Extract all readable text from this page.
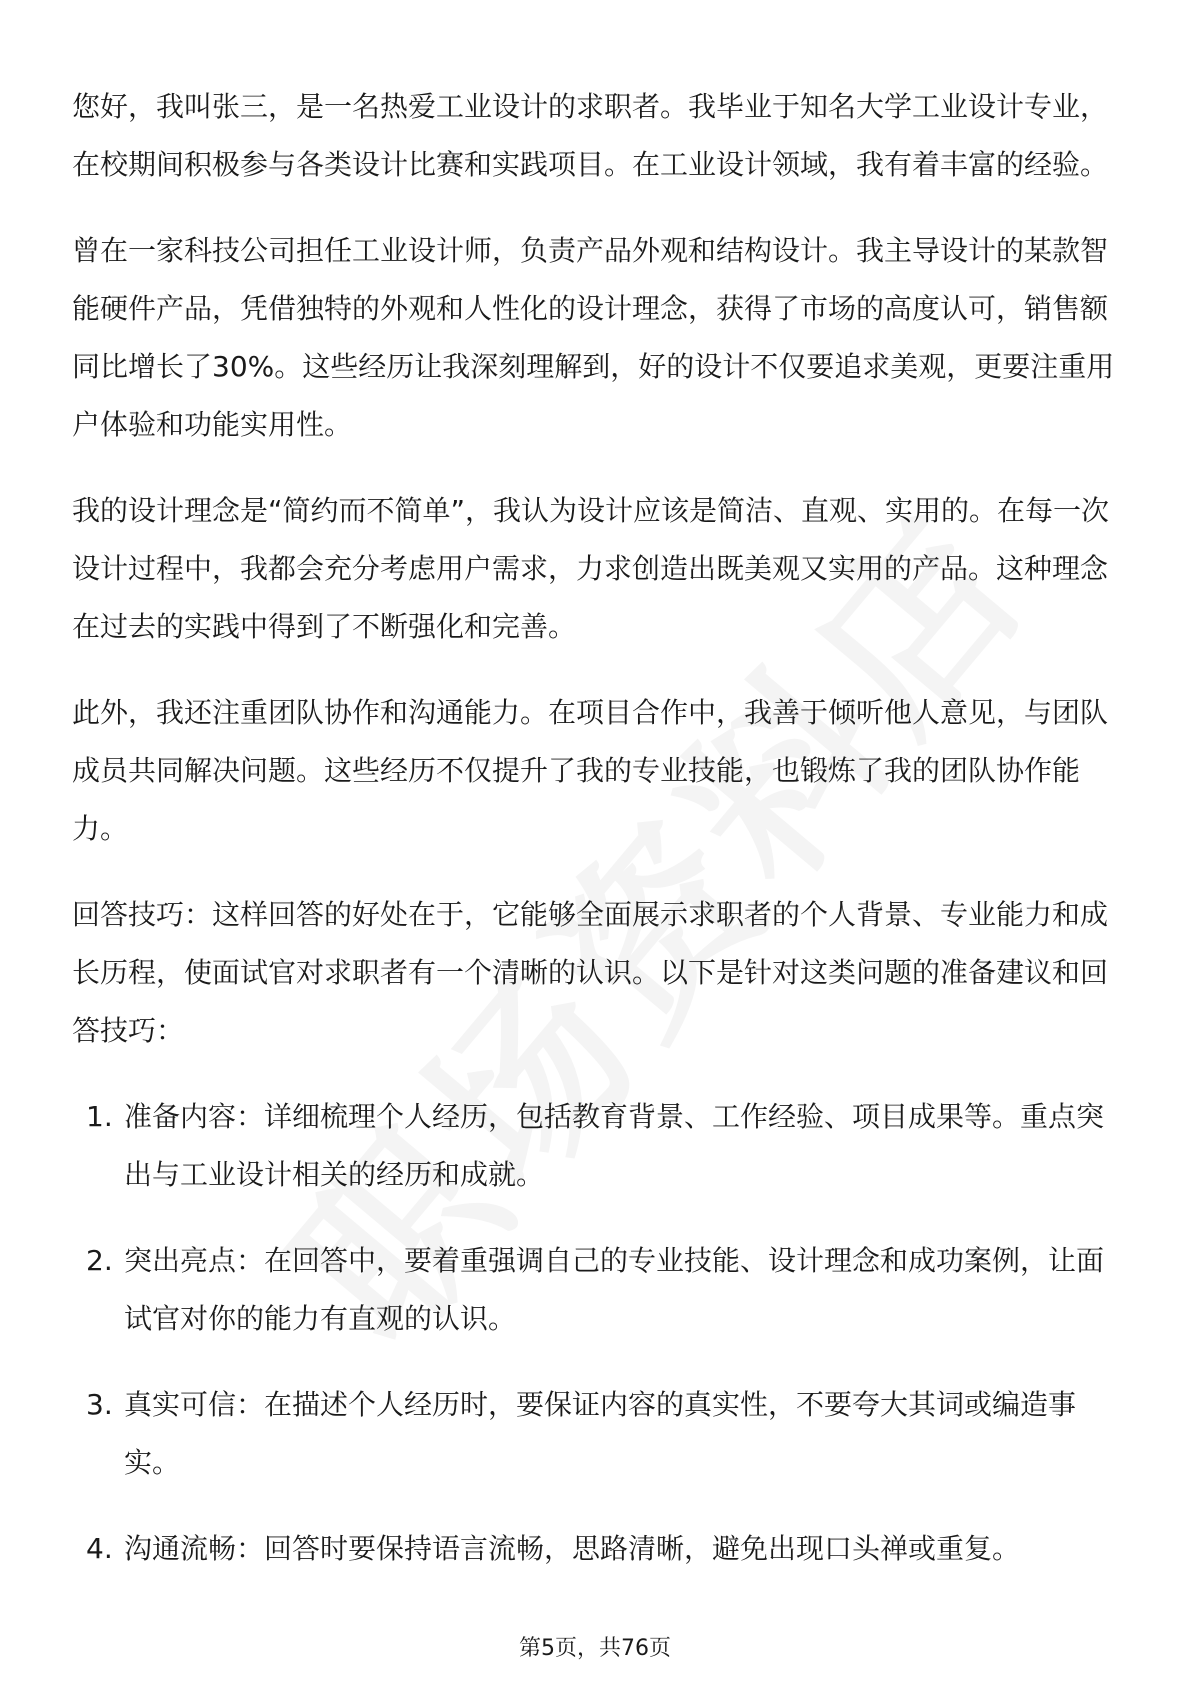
您好，我叫张三，是一名热爱工业设计的求职者。我毕业于知名大学工业设计专业，在校期间积极参与各类设计比赛和实践项目。在工业设计领域，我有着丰富的经验。

曾在一家科技公司担任工业设计师，负责产品外观和结构设计。我主导设计的某款智能硬件产品，凭借独特的外观和人性化的设计理念，获得了市场的高度认可，销售额同比增长了30%。这些经历让我深刻理解到，好的设计不仅要追求美观，更要注重用户体验和功能实用性。

我的设计理念是“简约而不简单”，我认为设计应该是简洁、直观、实用的。在每一次设计过程中，我都会充分考虑用户需求，力求创造出既美观又实用的产品。这种理念在过去的实践中得到了不断强化和完善。

此外，我还注重团队协作和沟通能力。在项目合作中，我善于倾听他人意见，与团队成员共同解决问题。这些经历不仅提升了我的专业技能，也锻炼了我的团队协作能力。

回答技巧：这样回答的好处在于，它能够全面展示求职者的个人背景、专业能力和成长历程，使面试官对求职者有一个清晰的认识。以下是针对这类问题的准备建议和回答技巧：

1. 准备内容：详细梳理个人经历，包括教育背景、工作经验、项目成果等。重点突出与工业设计相关的经历和成就。
2. 突出亮点：在回答中，要着重强调自己的专业技能、设计理念和成功案例，让面试官对你的能力有直观的认识。
3. 真实可信：在描述个人经历时，要保证内容的真实性，不要夸大其词或编造事实。
4. 沟通流畅：回答时要保持语言流畅，思路清晰，避免出现口头禅或重复。
第5页，共76页
